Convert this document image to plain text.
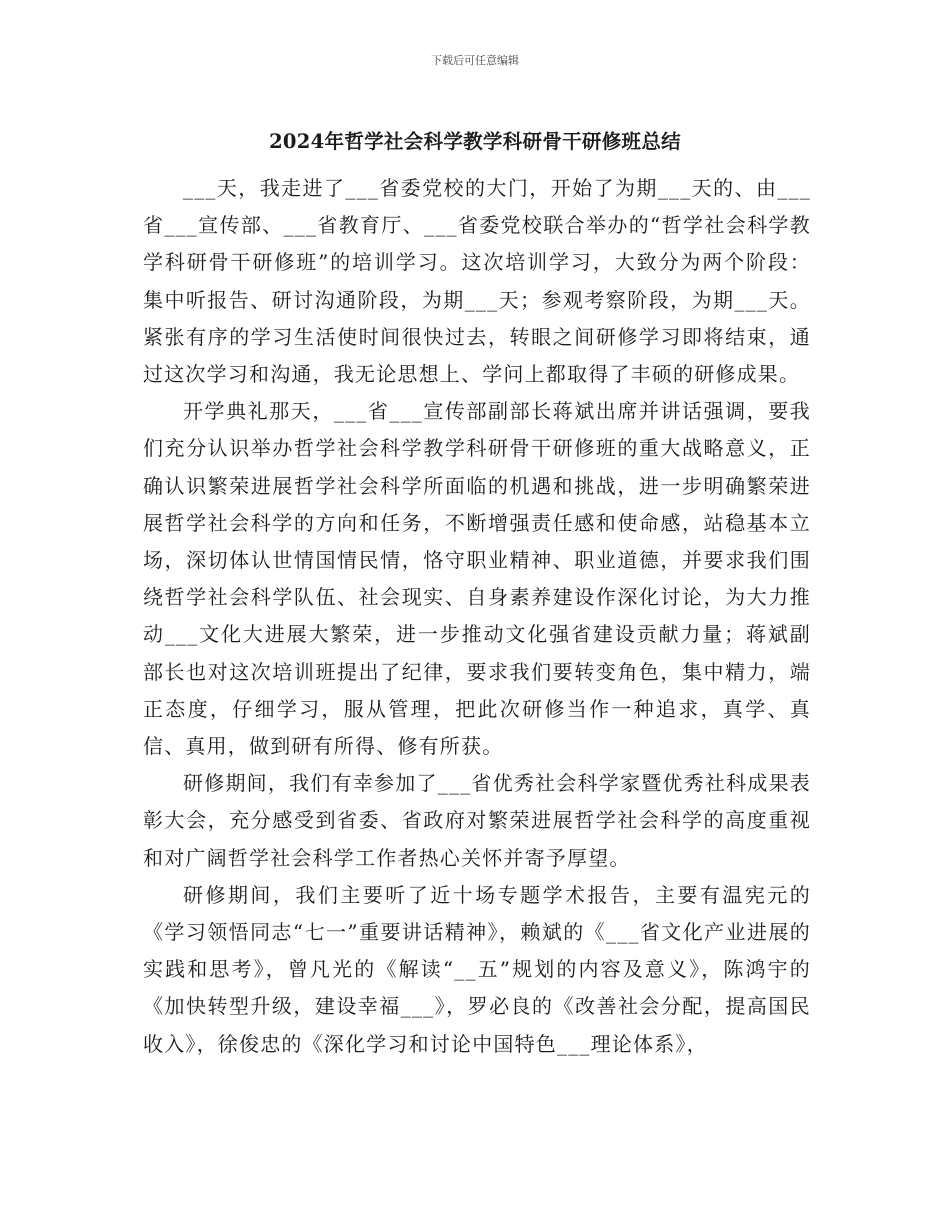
下载后可任意编辑
2024年哲学社会科学教学科研骨干研修班总结

___天，我走进了___省委党校的大门，开始了为期___天的、由___省___宣传部、___省教育厅、___省委党校联合举办的“哲学社会科学教学科研骨干研修班”的培训学习。这次培训学习，大致分为两个阶段：集中听报告、研讨沟通阶段，为期___天；参观考察阶段，为期___天。紧张有序的学习生活使时间很快过去，转眼之间研修学习即将结束，通过这次学习和沟通，我无论思想上、学问上都取得了丰硕的研修成果。

开学典礼那天，___省___宣传部副部长蒋斌出席并讲话强调，要我们充分认识举办哲学社会科学教学科研骨干研修班的重大战略意义，正确认识繁荣进展哲学社会科学所面临的机遇和挑战，进一步明确繁荣进展哲学社会科学的方向和任务，不断增强责任感和使命感，站稳基本立场，深切体认世情国情民情，恪守职业精神、职业道德，并要求我们围绕哲学社会科学队伍、社会现实、自身素养建设作深化讨论，为大力推动___文化大进展大繁荣，进一步推动文化强省建设贡献力量；蒋斌副部长也对这次培训班提出了纪律，要求我们要转变角色，集中精力，端正态度，仔细学习，服从管理，把此次研修当作一种追求，真学、真信、真用，做到研有所得、修有所获。

研修期间，我们有幸参加了___省优秀社会科学家暨优秀社科成果表彰大会，充分感受到省委、省政府对繁荣进展哲学社会科学的高度重视和对广阔哲学社会科学工作者热心关怀并寄予厚望。

研修期间，我们主要听了近十场专题学术报告，主要有温宪元的《学习领悟同志“七一”重要讲话精神》，赖斌的《___省文化产业进展的实践和思考》，曾凡光的《解读“__五”规划的内容及意义》，陈鸿宇的《加快转型升级，建设幸福___》，罗必良的《改善社会分配，提高国民收入》，徐俊忠的《深化学习和讨论中国特色___理论体系》，
